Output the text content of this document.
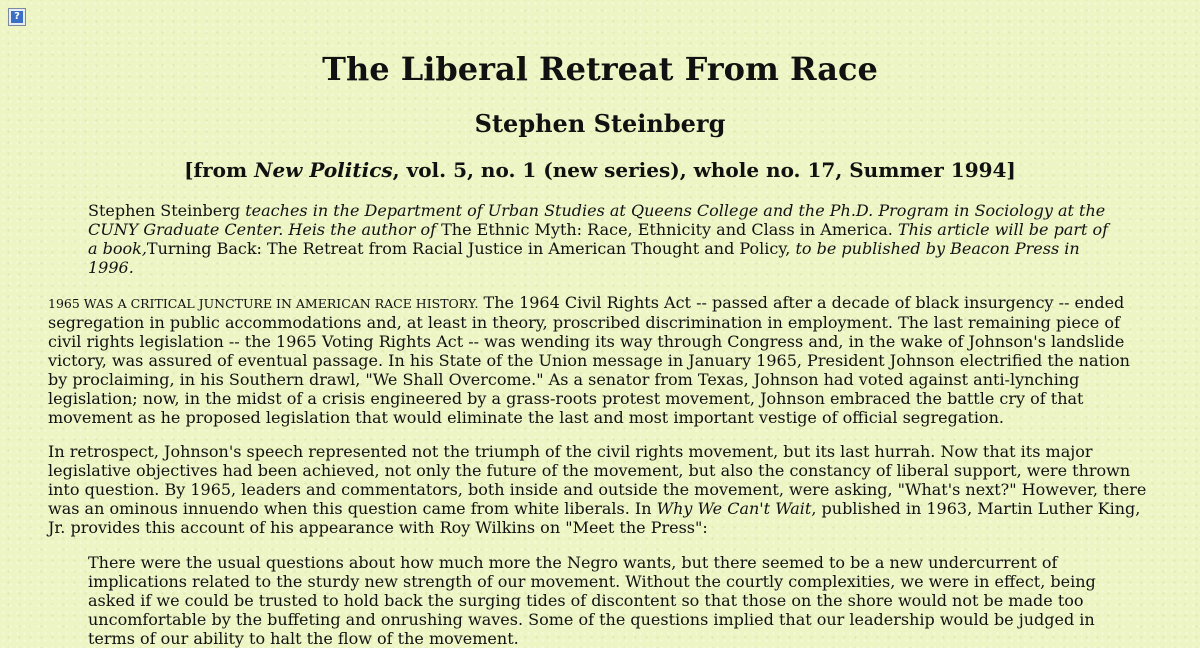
?
The Liberal Retreat From Race
Stephen Steinberg
[from New Politics, vol. 5, no. 1 (new series), whole no. 17, Summer 1994]

Stephen Steinberg teaches in the Department of Urban Studies at Queens College and the Ph.D. Program in Sociology at the CUNY Graduate Center. Heis the author of The Ethnic Myth: Race, Ethnicity and Class in America. This article will be part of a book,Turning Back: The Retreat from Racial Justice in American Thought and Policy, to be published by Beacon Press in 1996.

1965 WAS A CRITICAL JUNCTURE IN AMERICAN RACE HISTORY. The 1964 Civil Rights Act -- passed after a decade of black insurgency -- ended segregation in public accommodations and, at least in theory, proscribed discrimination in employment. The last remaining piece of civil rights legislation -- the 1965 Voting Rights Act -- was wending its way through Congress and, in the wake of Johnson's landslide victory, was assured of eventual passage. In his State of the Union message in January 1965, President Johnson electrified the nation by proclaiming, in his Southern drawl, "We Shall Overcome." As a senator from Texas, Johnson had voted against anti-lynching legislation; now, in the midst of a crisis engineered by a grass-roots protest movement, Johnson embraced the battle cry of that movement as he proposed legislation that would eliminate the last and most important vestige of official segregation.

In retrospect, Johnson's speech represented not the triumph of the civil rights movement, but its last hurrah. Now that its major legislative objectives had been achieved, not only the future of the movement, but also the constancy of liberal support, were thrown into question. By 1965, leaders and commentators, both inside and outside the movement, were asking, "What's next?" However, there was an ominous innuendo when this question came from white liberals. In Why We Can't Wait, published in 1963, Martin Luther King, Jr. provides this account of his appearance with Roy Wilkins on "Meet the Press":

There were the usual questions about how much more the Negro wants, but there seemed to be a new undercurrent of implications related to the sturdy new strength of our movement. Without the courtly complexities, we were in effect, being asked if we could be trusted to hold back the surging tides of discontent so that those on the shore would not be made too uncomfortable by the buffeting and onrushing waves. Some of the questions implied that our leadership would be judged in terms of our ability to halt the flow of the movement.
